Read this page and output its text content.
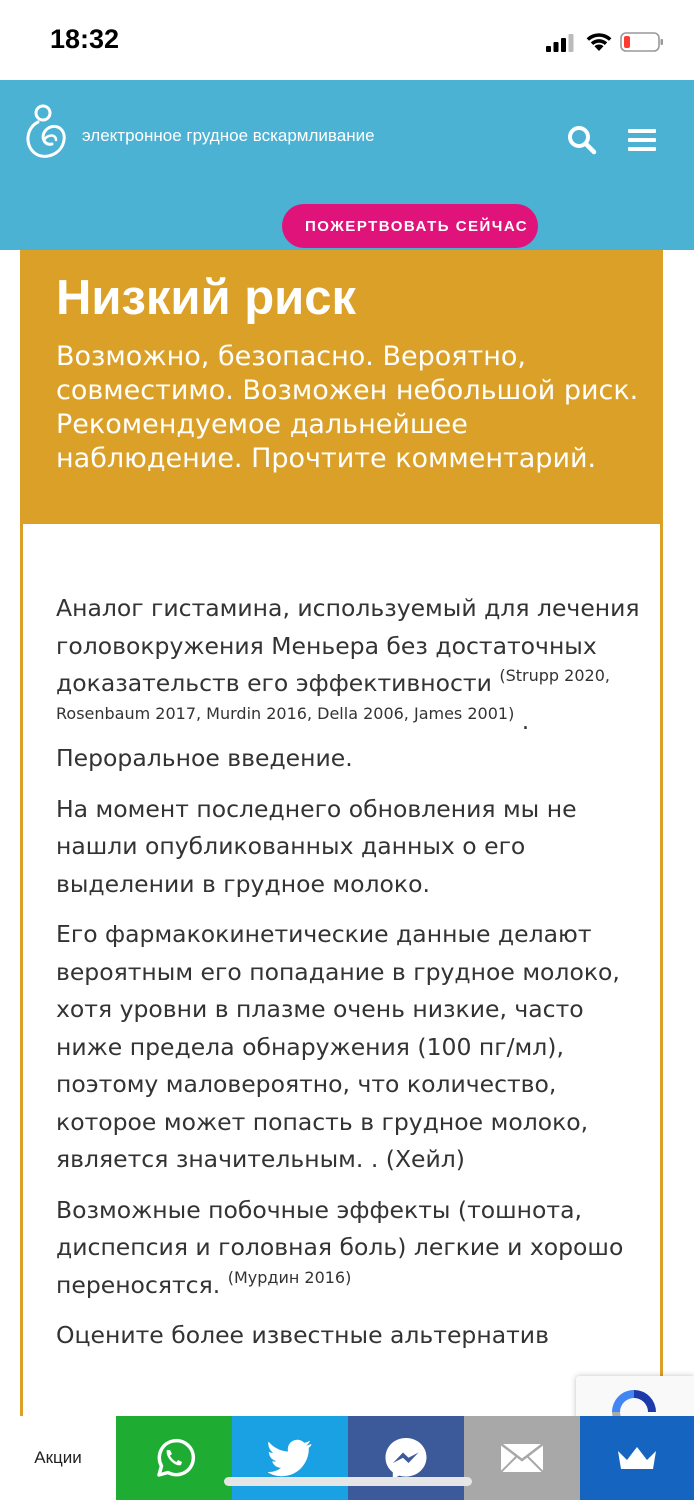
18:32
электронное грудное вскармливание
ПОЖЕРТВОВАТЬ СЕЙЧАС
Низкий риск

Возможно, безопасно. Вероятно, совместимо. Возможен небольшой риск. Рекомендуемое дальнейшее наблюдение. Прочтите комментарий.

Аналог гистамина, используемый для лечения головокружения Меньера без достаточных доказательств его эффективности $^{(Strupp 2020, Rosenbaum 2017, Murdin 2016, Della 2006, James 2001)}$ . Пероральное введение.

На момент последнего обновления мы не нашли опубликованных данных о его выделении в грудное молоко.

Его фармакокинетические данные делают вероятным его попадание в грудное молоко, хотя уровни в плазме очень низкие, часто ниже предела обнаружения (100 пг/мл), поэтому маловероятно, что количество, которое может попасть в грудное молоко, является значительным. . (Хейл)

Возможные побочные эффекты (тошнота, диспепсия и головная боль) легкие и хорошо переносятся. $^{(Мурдин 2016)}$

Оцените более известные альтернатив

Акции
